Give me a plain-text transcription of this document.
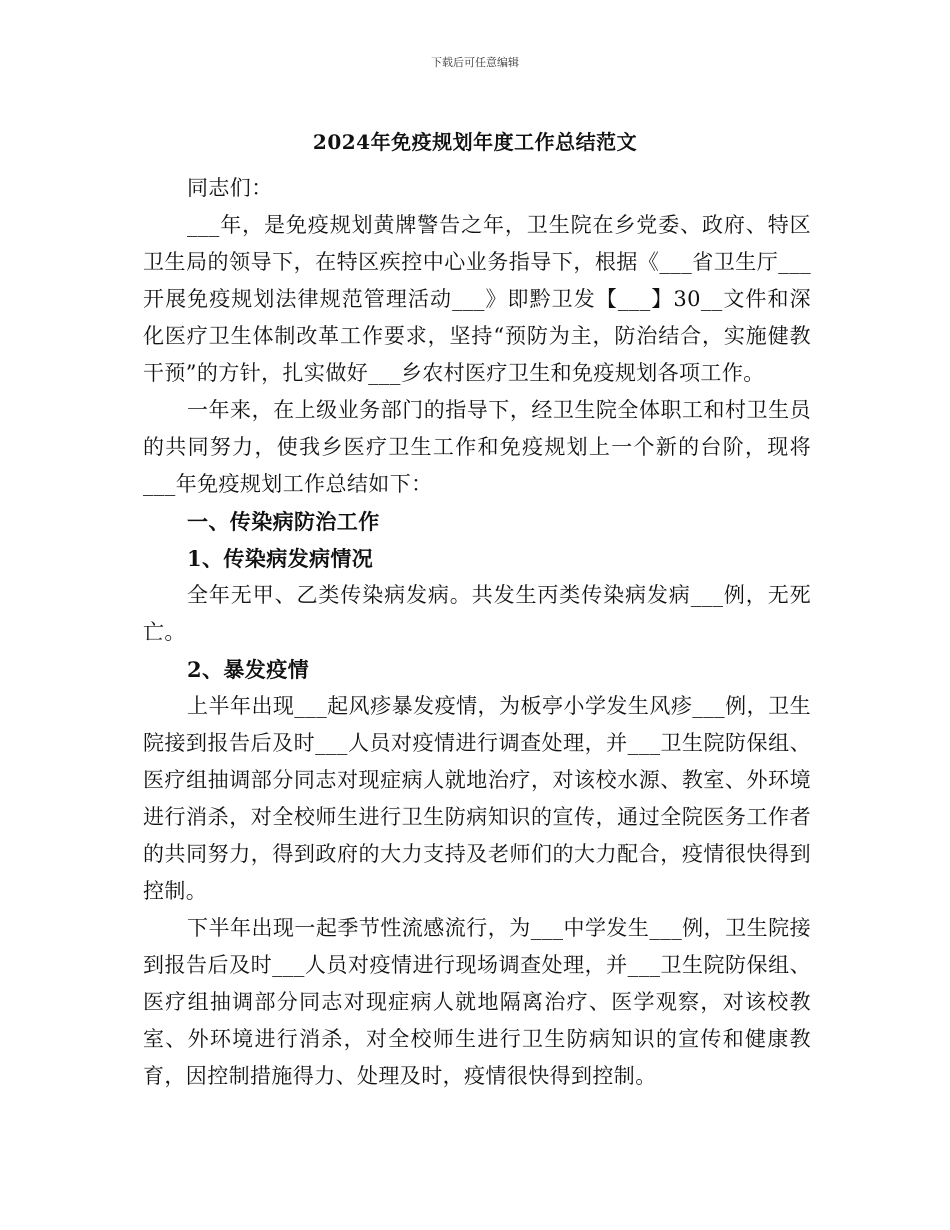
下载后可任意编辑
2024年免疫规划年度工作总结范文

同志们：

___年，是免疫规划黄牌警告之年，卫生院在乡党委、政府、特区卫生局的领导下，在特区疾控中心业务指导下，根据《___省卫生厅___开展免疫规划法律规范管理活动___》即黔卫发【___】30__文件和深化医疗卫生体制改革工作要求，坚持“预防为主，防治结合，实施健教干预”的方针，扎实做好___乡农村医疗卫生和免疫规划各项工作。

一年来，在上级业务部门的指导下，经卫生院全体职工和村卫生员的共同努力，使我乡医疗卫生工作和免疫规划上一个新的台阶，现将___年免疫规划工作总结如下：

一、传染病防治工作

1、传染病发病情况

全年无甲、乙类传染病发病。共发生丙类传染病发病___例，无死亡。

2、暴发疫情

上半年出现___起风疹暴发疫情，为板亭小学发生风疹___例，卫生院接到报告后及时___人员对疫情进行调查处理，并___卫生院防保组、医疗组抽调部分同志对现症病人就地治疗，对该校水源、教室、外环境进行消杀，对全校师生进行卫生防病知识的宣传，通过全院医务工作者的共同努力，得到政府的大力支持及老师们的大力配合，疫情很快得到控制。

下半年出现一起季节性流感流行，为___中学发生___例，卫生院接到报告后及时___人员对疫情进行现场调查处理，并___卫生院防保组、医疗组抽调部分同志对现症病人就地隔离治疗、医学观察，对该校教室、外环境进行消杀，对全校师生进行卫生防病知识的宣传和健康教育，因控制措施得力、处理及时，疫情很快得到控制。
